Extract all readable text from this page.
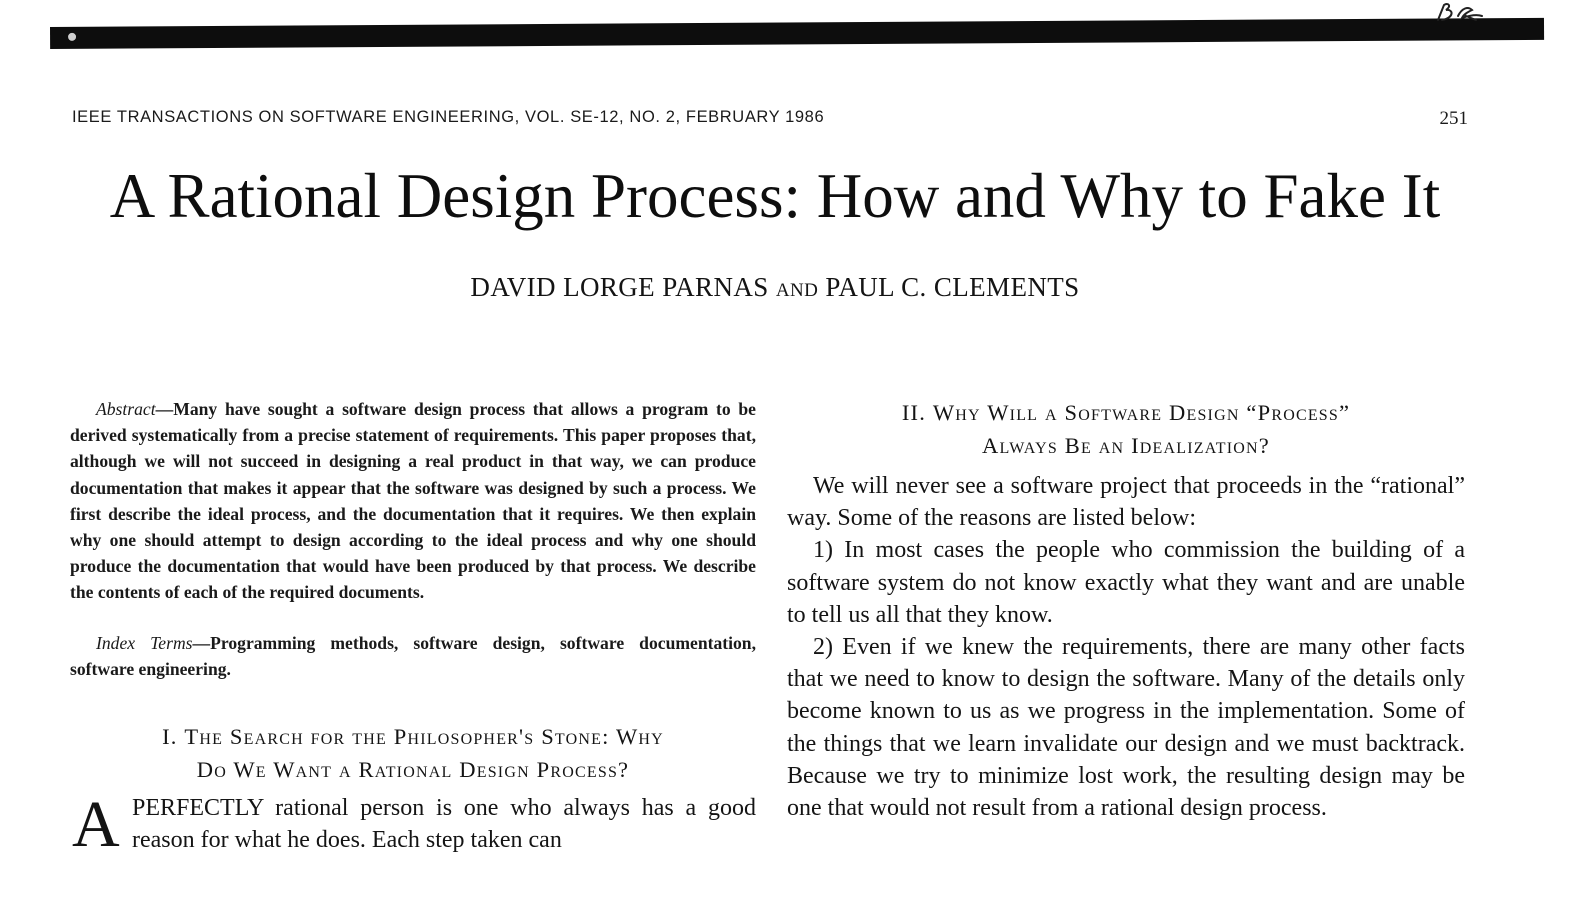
IEEE TRANSACTIONS ON SOFTWARE ENGINEERING, VOL. SE-12, NO. 2, FEBRUARY 1986	251
A Rational Design Process: How and Why to Fake It
DAVID LORGE PARNAS AND PAUL C. CLEMENTS

Abstract—Many have sought a software design process that allows a program to be derived systematically from a precise statement of requirements. This paper proposes that, although we will not succeed in designing a real product in that way, we can produce documentation that makes it appear that the software was designed by such a process. We first describe the ideal process, and the documentation that it requires. We then explain why one should attempt to design according to the ideal process and why one should produce the documentation that would have been produced by that process. We describe the contents of each of the required documents.

Index Terms—Programming methods, software design, software documentation, software engineering.

I. The Search for the Philosopher's Stone: Why
Do We Want a Rational Design Process?

A PERFECTLY rational person is one who always has a good reason for what he does. Each step taken can

II. Why Will a Software Design “Process”
Always Be an Idealization?

We will never see a software project that proceeds in the “rational” way. Some of the reasons are listed below:

1) In most cases the people who commission the building of a software system do not know exactly what they want and are unable to tell us all that they know.

2) Even if we knew the requirements, there are many other facts that we need to know to design the software. Many of the details only become known to us as we progress in the implementation. Some of the things that we learn invalidate our design and we must backtrack. Because we try to minimize lost work, the resulting design may be one that would not result from a rational design process.
